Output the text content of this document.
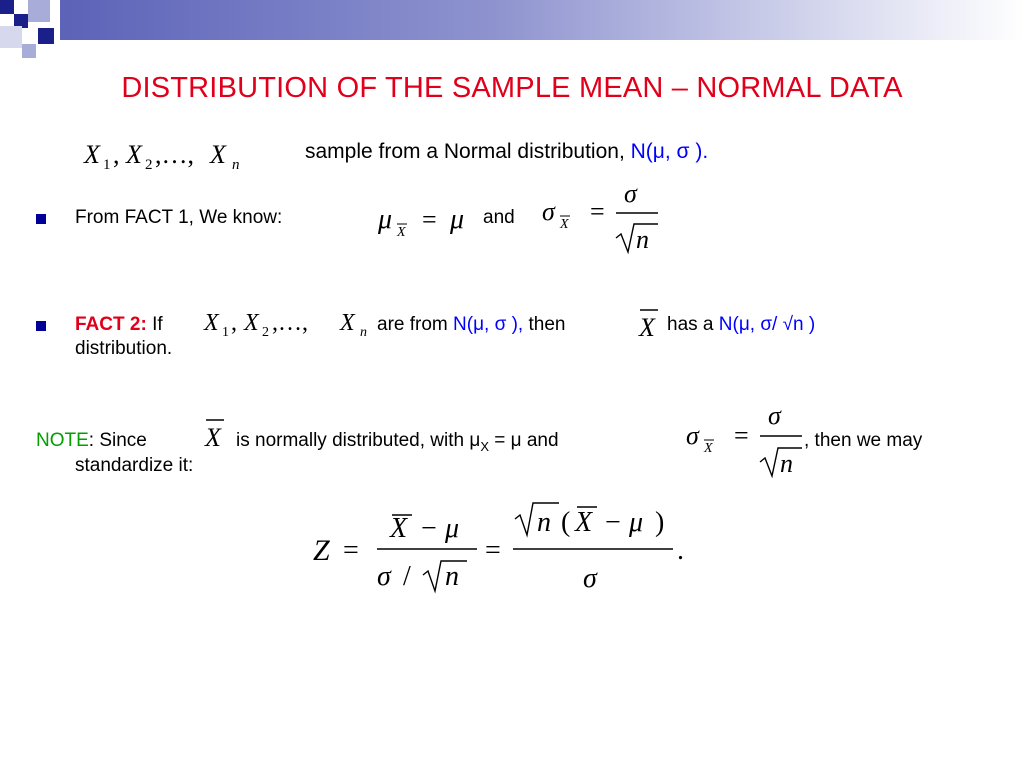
DISTRIBUTION OF THE SAMPLE MEAN – NORMAL DATA
X 1 , X 2 ,…, X n
sample from a Normal distribution, N(μ, σ ).
From FACT 1, We know:	μ X = μ and σ X =
σ
n
FACT 2: If X 1 , X 2 ,…, X n are from N(μ, σ ), then	X has a N(μ, σ/ √n )
distribution.
NOTE: Since X is normally distributed, with $\mu_X = \mu$ and	σ X =
σ
n
, then we may
standardize it:
Z =
X − μ
σ / n
=
n ( X − μ )
σ
.
